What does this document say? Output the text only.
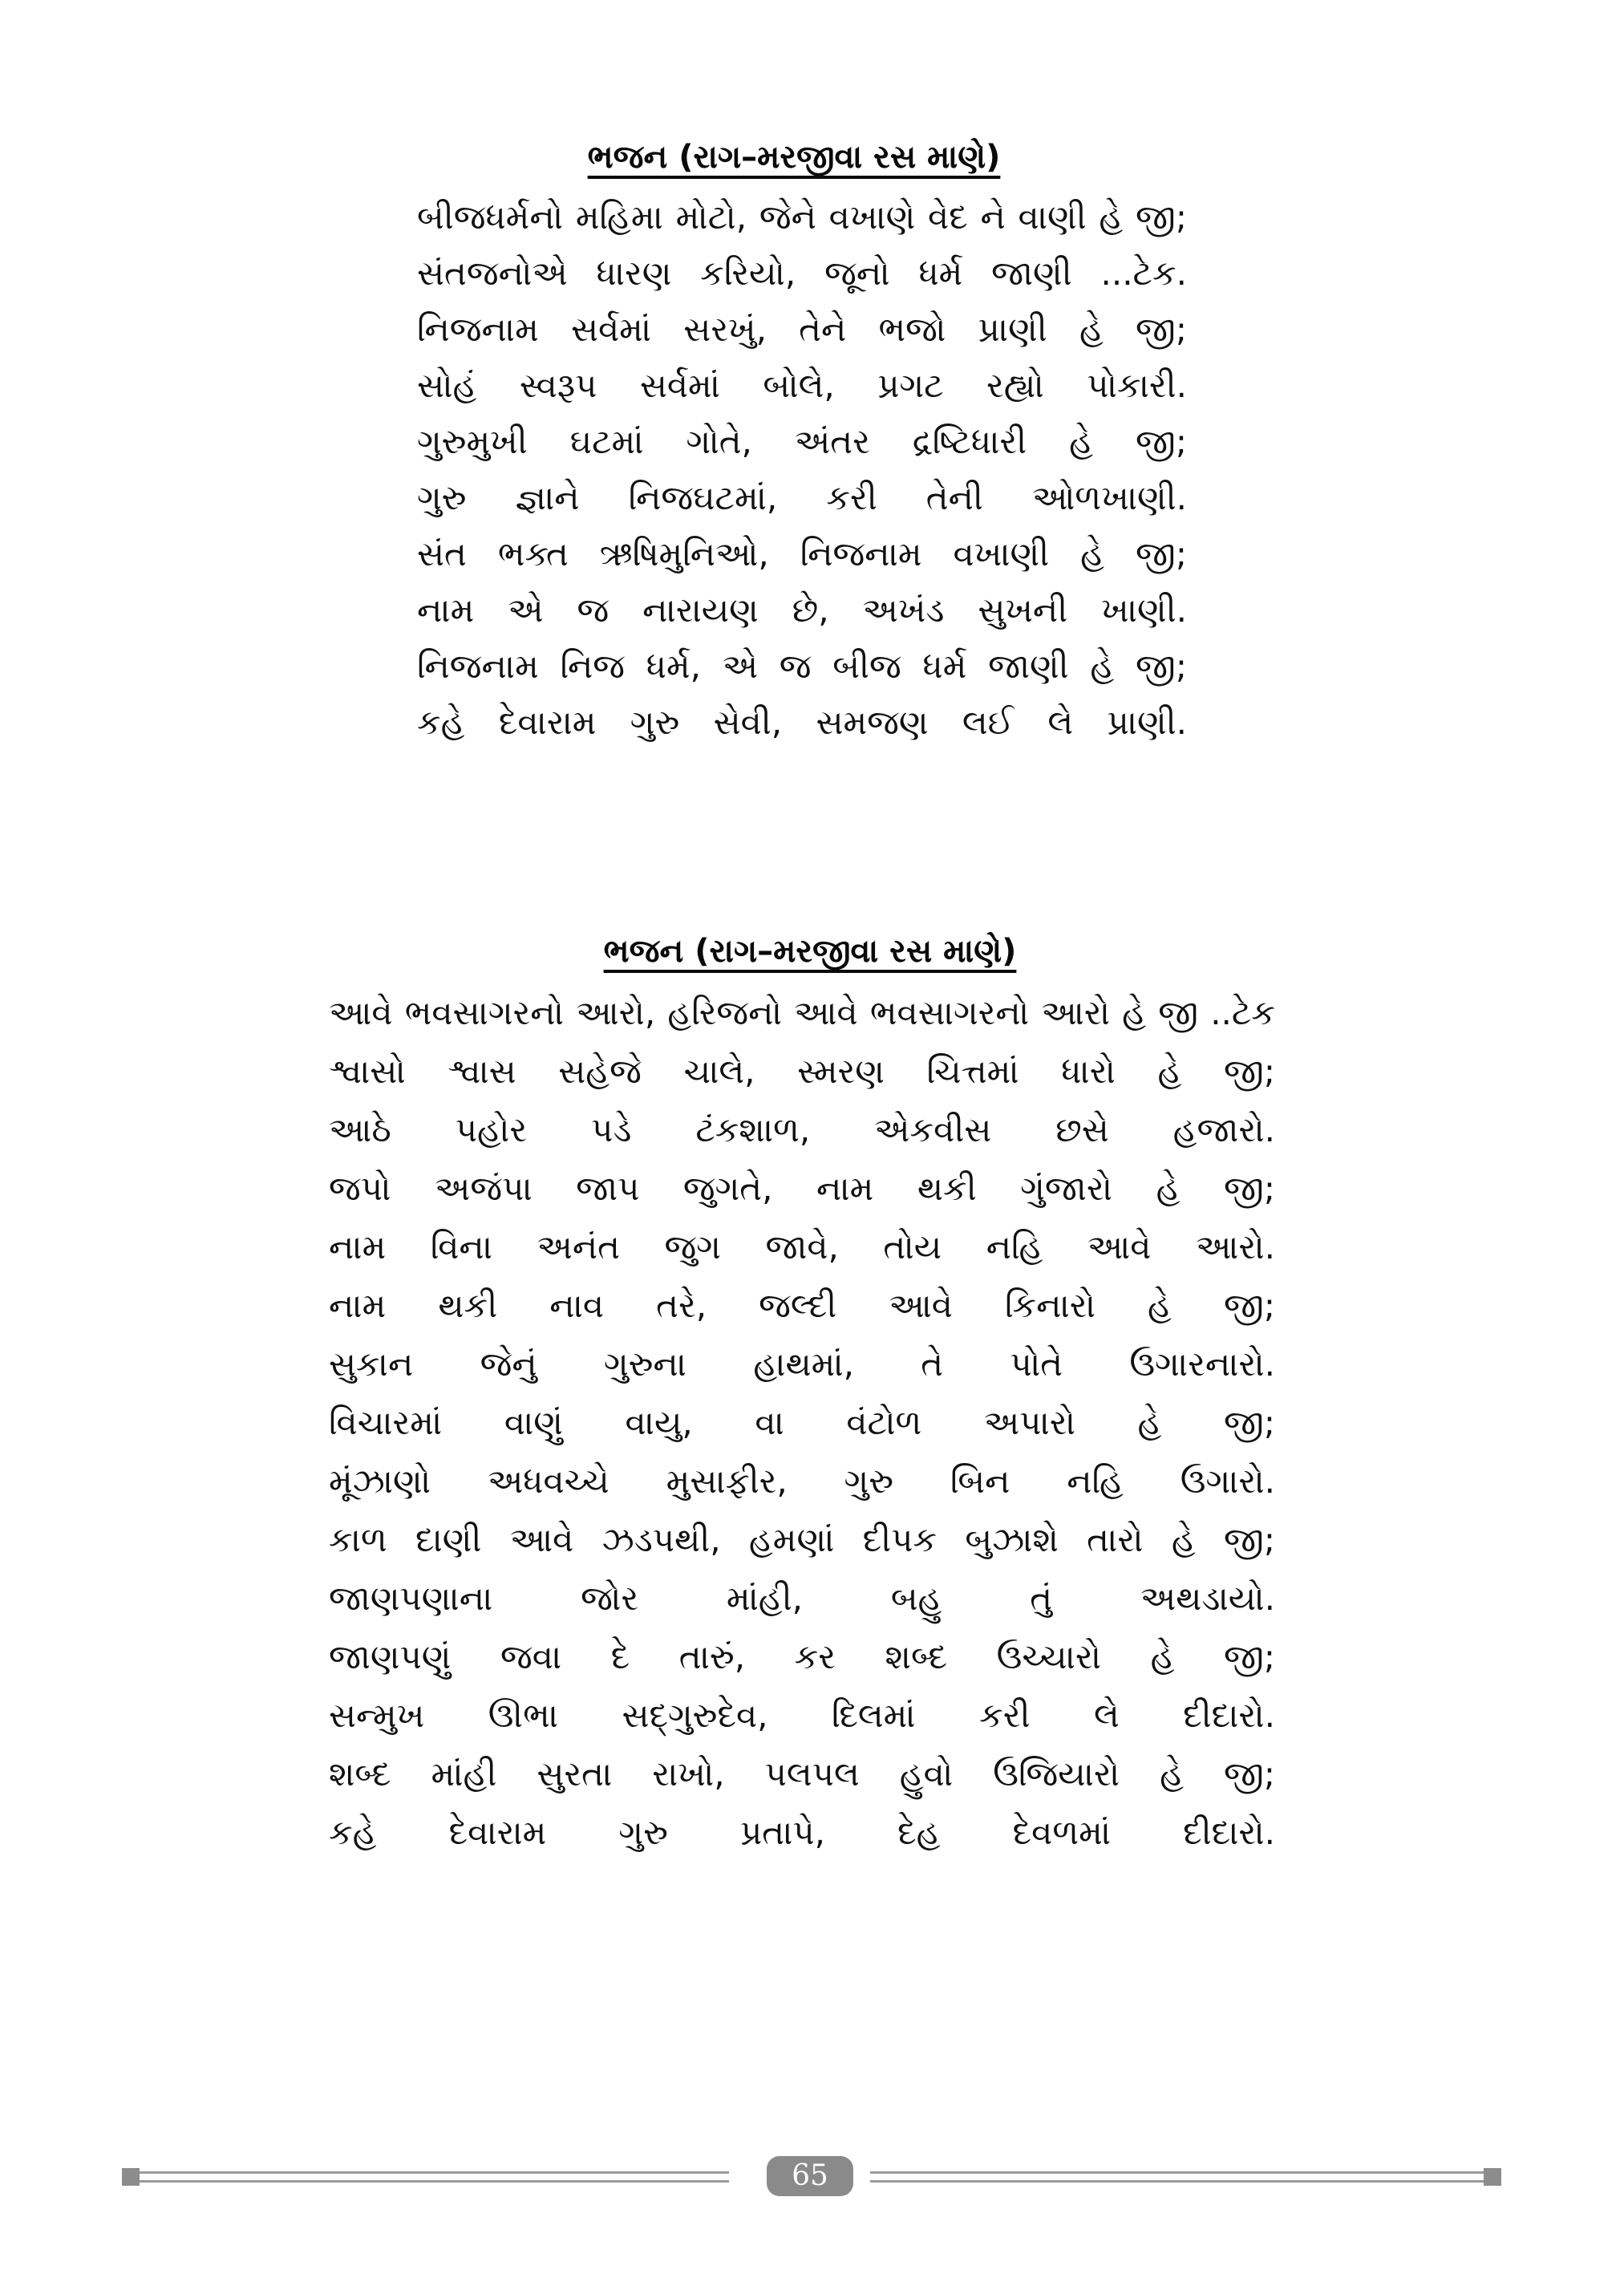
ભજન (રાગ–મરજીવા રસ માણે)
બીજધર્મનો મહિમા મોટો, જેને વખાણે વેદ ને વાણી હે જી;
સંતજનોએ ધારણ કરિયો, જૂનો ધર્મ જાણી ...ટેક.
નિજનામ સર્વમાં સરખું, તેને ભજો પ્રાણી હે જી;
સોહં સ્વરૂપ સર્વમાં બોલે, પ્રગટ રહ્યો પોકારી.
ગુરુમુખી ઘટમાં ગોતે, અંતર દ્રષ્ટિધારી હે જી;
ગુરુ જ્ઞાને નિજઘટમાં, કરી તેની ઓળખાણી.
સંત ભક્ત ઋષિમુનિઓ, નિજનામ વખાણી હે જી;
નામ એ જ નારાયણ છે, અખંડ સુખની ખાણી.
નિજનામ નિજ ધર્મ, એ જ બીજ ધર્મ જાણી હે જી;
કહે દેવારામ ગુરુ સેવી, સમજણ લઈ લે પ્રાણી.
ભજન (રાગ–મરજીવા રસ માણે)
આવે ભવસાગરનો આરો, હરિજનો આવે ભવસાગરનો આરો હે જી ..ટેક
શ્વાસો શ્વાસ સહેજે ચાલે, સ્મરણ ચિત્તમાં ધારો હે જી;
આઠે પહોર પડે ટંકશાળ, એકવીસ છસે હજારો.
જપો અજંપા જાપ જુગતે, નામ થકી ગુંજારો હે જી;
નામ વિના અનંત જુગ જાવે, તોય નહિ આવે આરો.
નામ થકી નાવ તરે, જલ્દી આવે કિનારો હે જી;
સુકાન જેનું ગુરુના હાથમાં, તે પોતે ઉગારનારો.
વિચારમાં વાણું વાયુ, વા વંટોળ અપારો હે જી;
મૂંઝાણો અધવચ્ચે મુસાફીર, ગુરુ બિન નહિ ઉગારો.
કાળ દાણી આવે ઝડપથી, હમણાં દીપક બુઝાશે તારો હે જી;
જાણપણાના જોર માંહી, બહુ તું અથડાયો.
જાણપણું જવા દે તારું, કર શબ્દ ઉચ્ચારો હે જી;
સન્મુખ ઊભા સદ્‌ગુરુદેવ, દિલમાં કરી લે દીદારો.
શબ્દ માંહી સુરતા રાખો, પલપલ હુવો ઉજિયારો હે જી;
કહે દેવારામ ગુરુ પ્રતાપે, દેહ દેવળમાં દીદારો.
65
